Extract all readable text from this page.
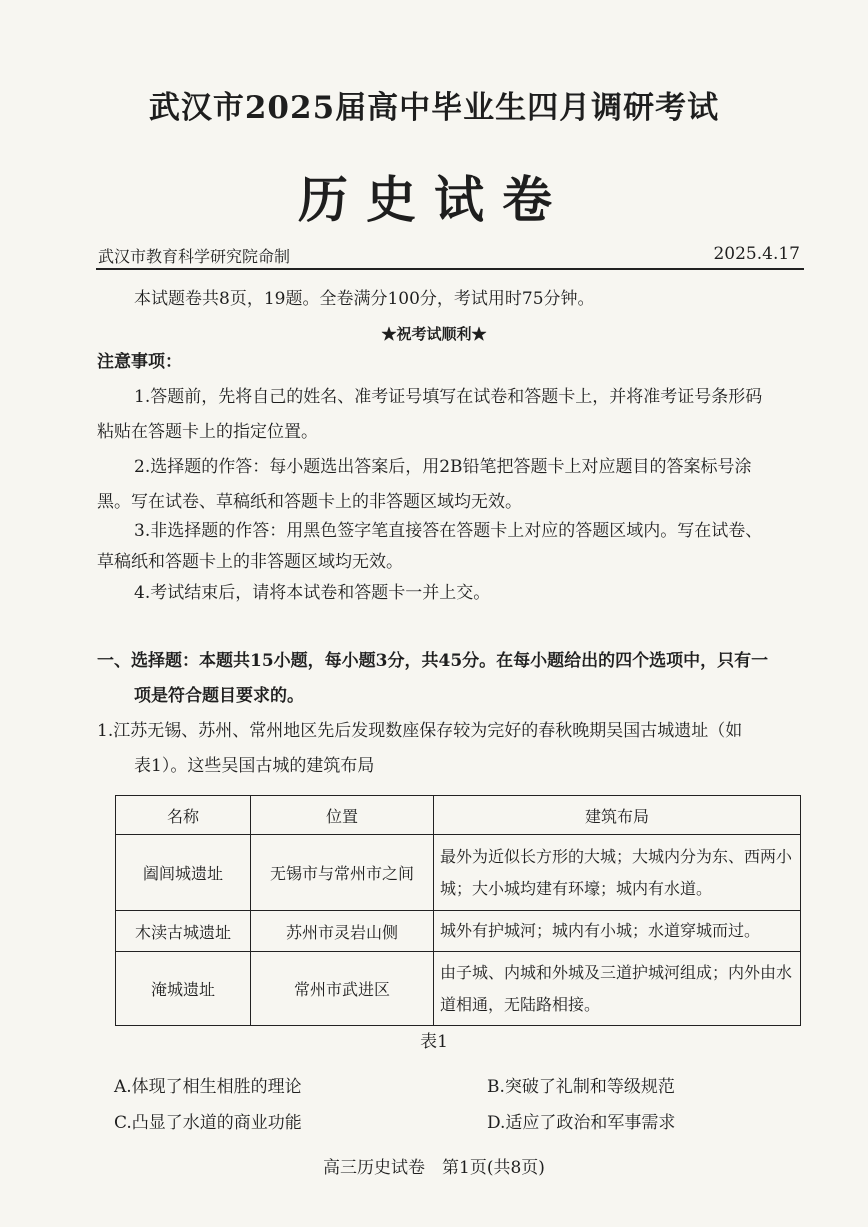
武汉市2025届高中毕业生四月调研考试
历史试卷
武汉市教育科学研究院命制	2025.4.17
本试题卷共8页，19题。全卷满分100分，考试用时75分钟。
★祝考试顺利★
注意事项：
1.答题前，先将自己的姓名、准考证号填写在试卷和答题卡上，并将准考证号条形码
粘贴在答题卡上的指定位置。
2.选择题的作答：每小题选出答案后，用2B铅笔把答题卡上对应题目的答案标号涂
黑。写在试卷、草稿纸和答题卡上的非答题区域均无效。
3.非选择题的作答：用黑色签字笔直接答在答题卡上对应的答题区域内。写在试卷、
草稿纸和答题卡上的非答题区域均无效。
4.考试结束后，请将本试卷和答题卡一并上交。
一、选择题：本题共15小题，每小题3分，共45分。在每小题给出的四个选项中，只有一
项是符合题目要求的。
1.江苏无锡、苏州、常州地区先后发现数座保存较为完好的春秋晚期吴国古城遗址（如
表1）。这些吴国古城的建筑布局
名称	位置	建筑布局
阖闾城遗址	无锡市与常州市之间	最外为近似长方形的大城；大城内分为东、西两小城；大小城均建有环壕；城内有水道。
木渎古城遗址	苏州市灵岩山侧	城外有护城河；城内有小城；水道穿城而过。
淹城遗址	常州市武进区	由子城、内城和外城及三道护城河组成；内外由水道相通，无陆路相接。
表1
A.体现了相生相胜的理论	B.突破了礼制和等级规范
C.凸显了水道的商业功能	D.适应了政治和军事需求
高三历史试卷　第1页(共8页)
